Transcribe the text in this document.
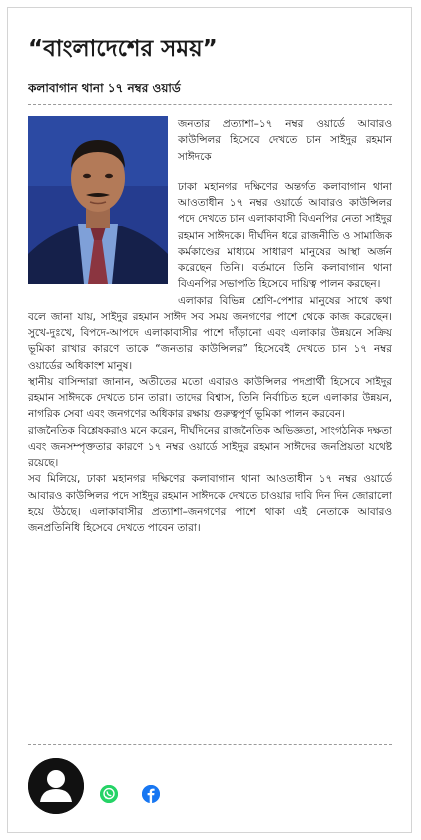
“বাংলাদেশের সময়”
কলাবাগান থানা ১৭ নম্বর ওয়ার্ড

জনতার প্রত্যাশা–১৭ নম্বর ওয়ার্ডে আবারও কাউন্সিলর হিসেবে দেখতে চান সাইদুর রহমান সাঈদকে

ঢাকা মহানগর দক্ষিণের অন্তর্গত কলাবাগান থানা আওতাধীন ১৭ নম্বর ওয়ার্ডে আবারও কাউন্সিলর পদে দেখতে চান এলাকাবাসী বিএনপির নেতা সাইদুর রহমান সাঈদকে। দীর্ঘদিন ধরে রাজনীতি ও সামাজিক কর্মকাণ্ডের মাধ্যমে সাধারণ মানুষের আস্থা অর্জন করেছেন তিনি। বর্তমানে তিনি কলাবাগান থানা বিএনপির সভাপতি হিসেবে দায়িত্ব পালন করছেন।

এলাকার বিভিন্ন শ্রেণি-পেশার মানুষের সাথে কথা বলে জানা যায়, সাইদুর রহমান সাঈদ সব সময় জনগণের পাশে থেকে কাজ করেছেন। সুখে-দুঃখে, বিপদে-আপদে এলাকাবাসীর পাশে দাঁড়ানো এবং এলাকার উন্নয়নে সক্রিয় ভূমিকা রাখার কারণে তাকে “জনতার কাউন্সিলর” হিসেবেই দেখতে চান ১৭ নম্বর ওয়ার্ডের অধিকাংশ মানুষ।

স্থানীয় বাসিন্দারা জানান, অতীতের মতো এবারও কাউন্সিলর পদপ্রার্থী হিসেবে সাইদুর রহমান সাঈদকে দেখতে চান তারা। তাদের বিশ্বাস, তিনি নির্বাচিত হলে এলাকার উন্নয়ন, নাগরিক সেবা এবং জনগণের অধিকার রক্ষায় গুরুত্বপূর্ণ ভূমিকা পালন করবেন।

রাজনৈতিক বিশ্লেষকরাও মনে করেন, দীর্ঘদিনের রাজনৈতিক অভিজ্ঞতা, সাংগঠনিক দক্ষতা এবং জনসম্পৃক্ততার কারণে ১৭ নম্বর ওয়ার্ডে সাইদুর রহমান সাঈদের জনপ্রিয়তা যথেষ্ট রয়েছে।

সব মিলিয়ে, ঢাকা মহানগর দক্ষিণের কলাবাগান থানা আওতাধীন ১৭ নম্বর ওয়ার্ডে আবারও কাউন্সিলর পদে সাইদুর রহমান সাঈদকে দেখতে চাওয়ার দাবি দিন দিন জোরালো হয়ে উঠছে। এলাকাবাসীর প্রত্যাশা–জনগণের পাশে থাকা এই নেতাকে আবারও জনপ্রতিনিধি হিসেবে দেখতে পাবেন তারা।
